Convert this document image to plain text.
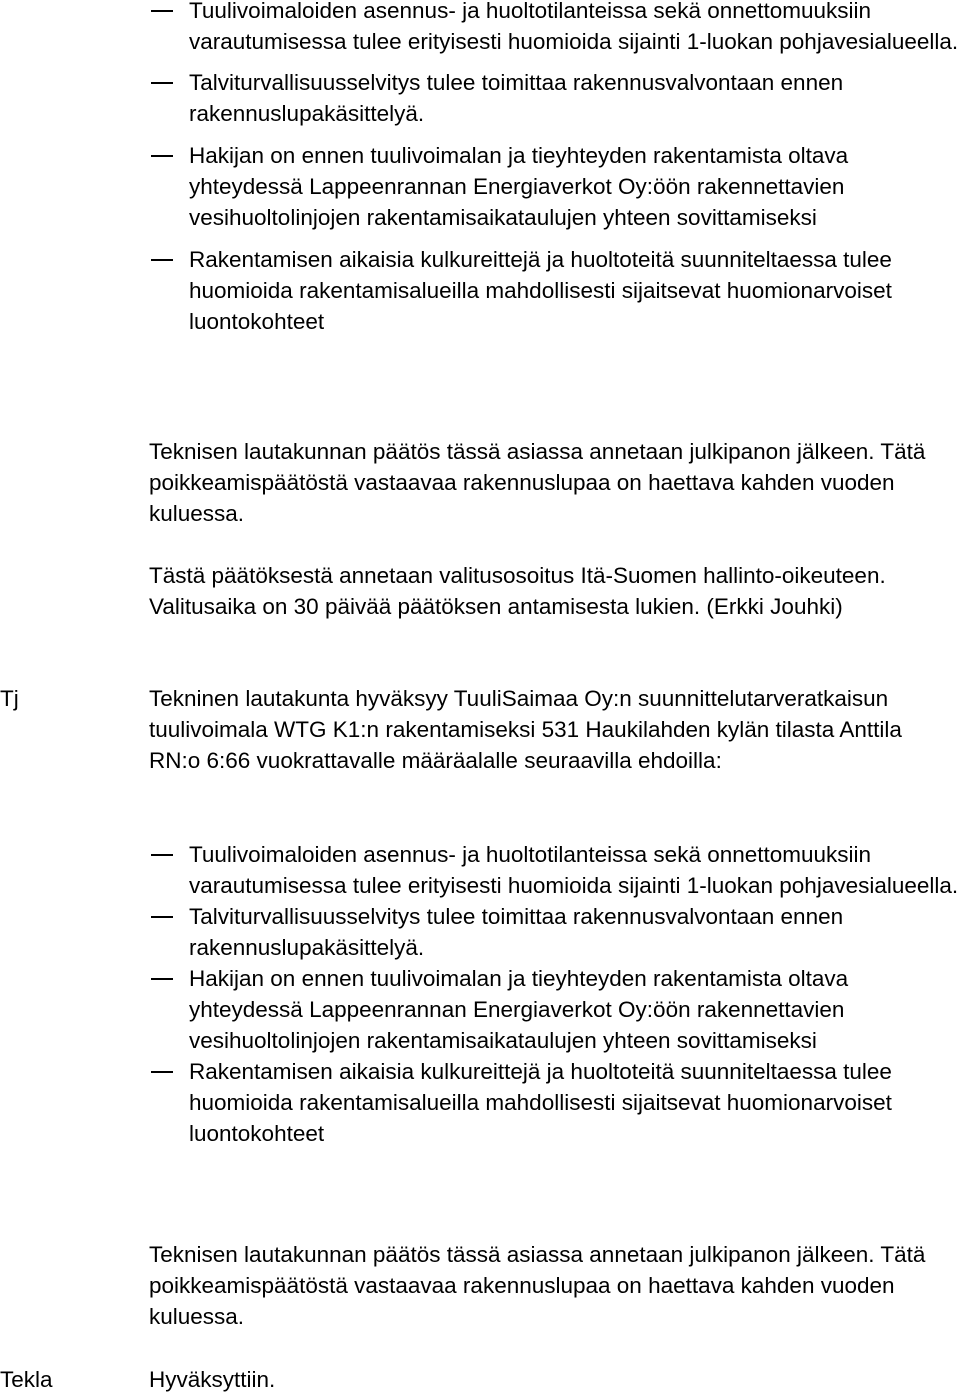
Tuulivoimaloiden asennus- ja huoltotilanteissa sekä onnettomuuksiin varautumisessa tulee erityisesti huomioida sijainti 1-luokan pohjavesialueella.

Talviturvallisuusselvitys tulee toimittaa rakennusvalvontaan ennen rakennuslupakäsittelyä.

Hakijan on ennen tuulivoimalan ja tieyhteyden rakentamista oltava yhteydessä Lappeenrannan Energiaverkot Oy:öön rakennettavien vesihuoltolinjojen rakentamisaikataulujen yhteen sovittamiseksi

Rakentamisen aikaisia kulkureittejä ja huoltoteitä suunniteltaessa tulee huomioida rakentamisalueilla mahdollisesti sijaitsevat huomionarvoiset luontokohteet

Teknisen lautakunnan päätös tässä asiassa annetaan julkipanon jälkeen. Tätä poikkeamispäätöstä vastaavaa rakennuslupaa on haettava kahden vuoden kuluessa.

Tästä päätöksestä annetaan valitusosoitus Itä-Suomen hallinto-oikeuteen. Valitusaika on 30 päivää päätöksen antamisesta lukien. (Erkki Jouhki)

Tj	Tekninen lautakunta hyväksyy TuuliSaimaa Oy:n suunnittelutarveratkaisun tuulivoimala WTG K1:n rakentamiseksi 531 Haukilahden kylän tilasta Anttila RN:o 6:66 vuokrattavalle määräalalle seuraavilla ehdoilla:

Tuulivoimaloiden asennus- ja huoltotilanteissa sekä onnettomuuksiin varautumisessa tulee erityisesti huomioida sijainti 1-luokan pohjavesialueella.

Talviturvallisuusselvitys tulee toimittaa rakennusvalvontaan ennen rakennuslupakäsittelyä.

Hakijan on ennen tuulivoimalan ja tieyhteyden rakentamista oltava yhteydessä Lappeenrannan Energiaverkot Oy:öön rakennettavien vesihuoltolinjojen rakentamisaikataulujen yhteen sovittamiseksi

Rakentamisen aikaisia kulkureittejä ja huoltoteitä suunniteltaessa tulee huomioida rakentamisalueilla mahdollisesti sijaitsevat huomionarvoiset luontokohteet

Teknisen lautakunnan päätös tässä asiassa annetaan julkipanon jälkeen. Tätä poikkeamispäätöstä vastaavaa rakennuslupaa on haettava kahden vuoden kuluessa.

Tekla	Hyväksyttiin.
